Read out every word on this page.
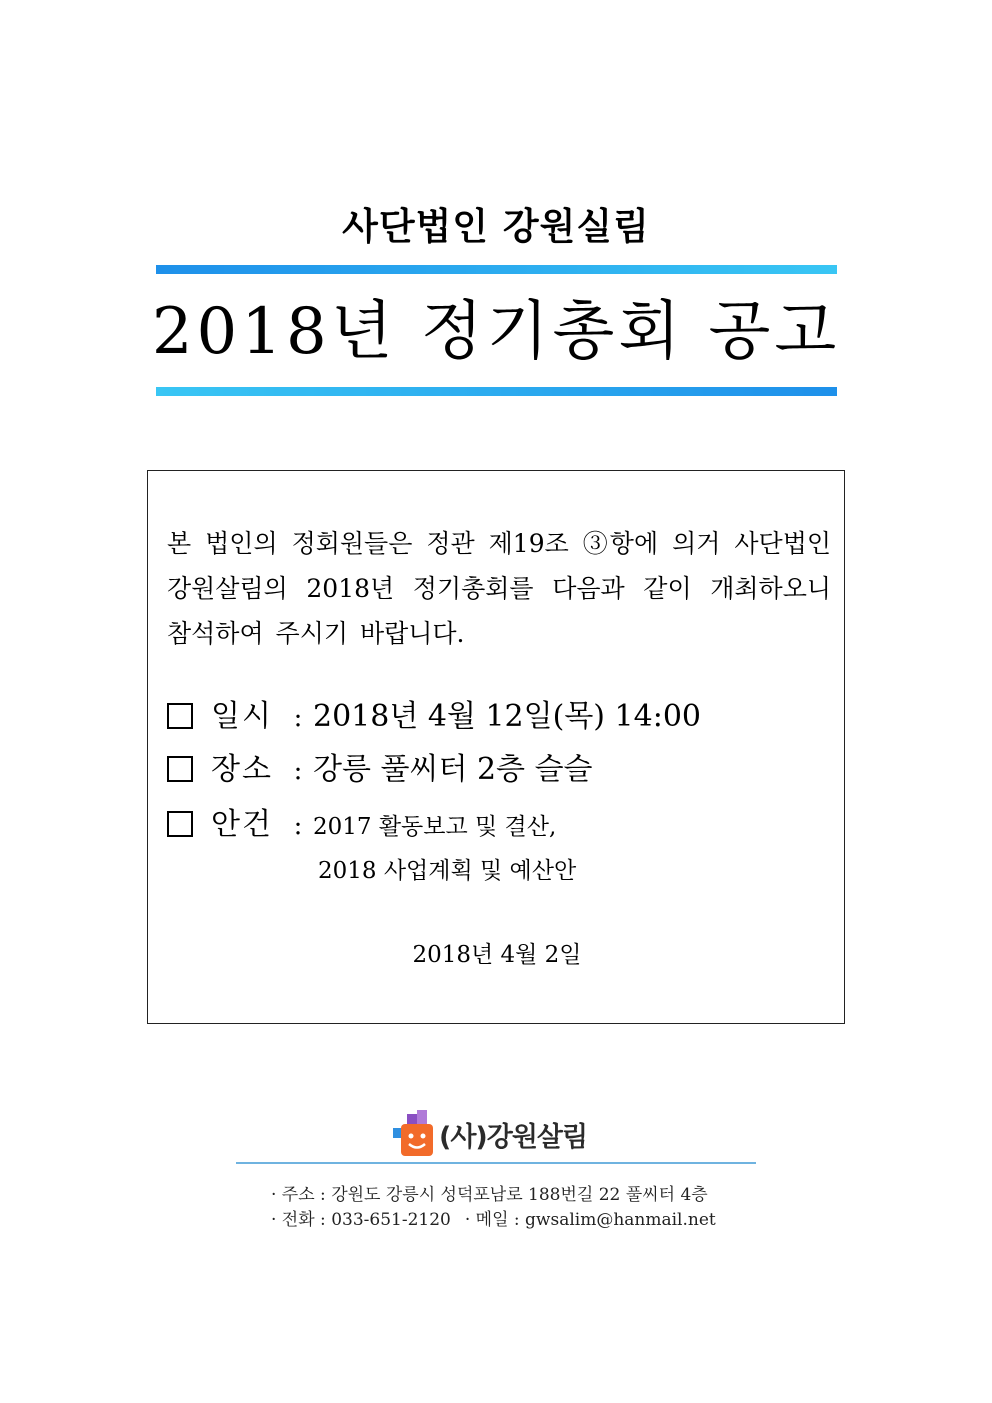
사단법인 강원실림
2018년 정기총회 공고
본 법인의 정회원들은 정관 제19조 ③항에 의거 사단법인 강원살림의 2018년 정기총회를 다음과 같이 개최하오니 참석하여 주시기 바랍니다.
일시 : 2018년 4월 12일(목) 14:00
장소 : 강릉 풀씨터 2층 슬슬
안건 : 2017 활동보고 및 결산,
2018 사업계획 및 예산안
2018년 4월 2일
(사)강원살림
· 주소 : 강원도 강릉시 성덕포남로 188번길 22 풀씨터 4층
· 전화 : 033-651-2120 · 메일 : gwsalim@hanmail.net
